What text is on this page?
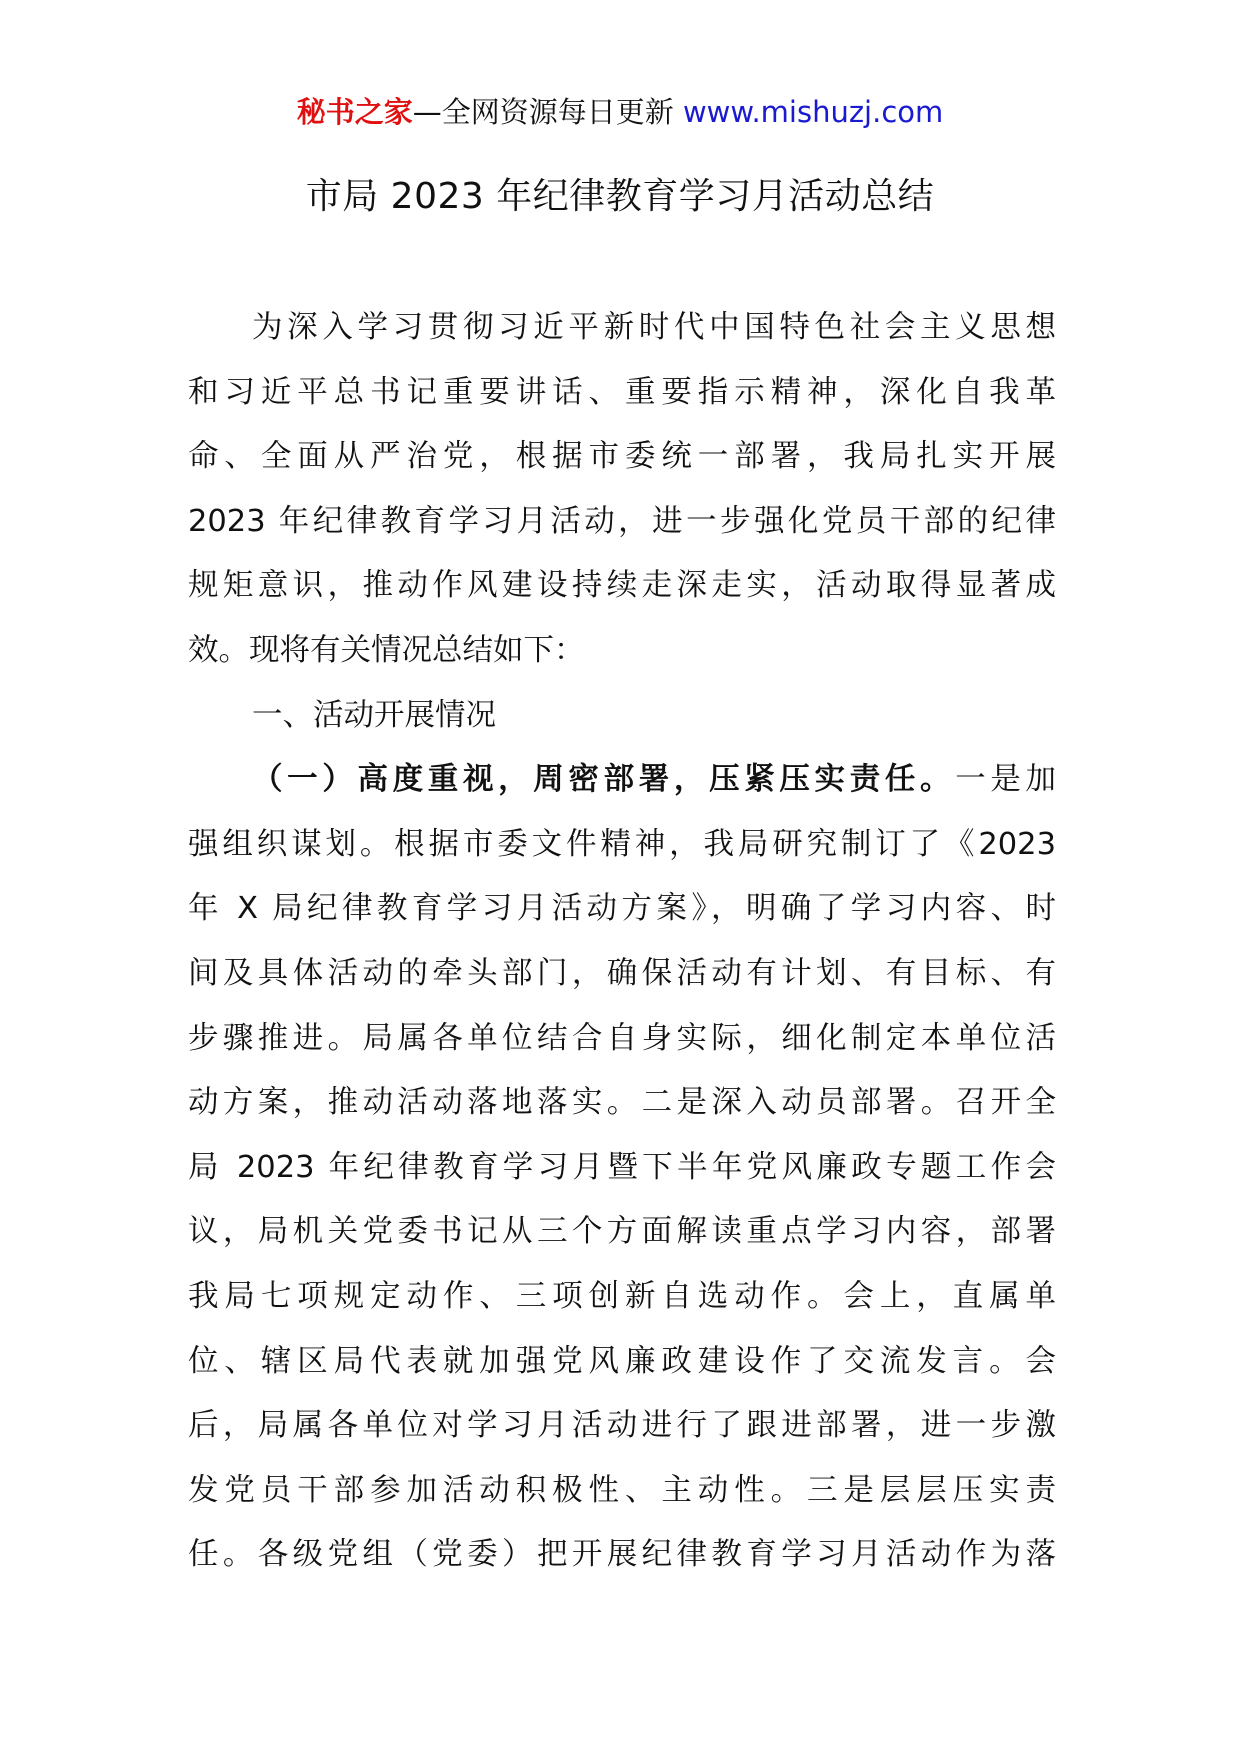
秘书之家—全网资源每日更新 www.mishuzj.com
市局 2023 年纪律教育学习月活动总结
为深入学习贯彻习近平新时代中国特色社会主义思想
和习近平总书记重要讲话、重要指示精神，深化自我革
命、全面从严治党，根据市委统一部署，我局扎实开展
2023 年纪律教育学习月活动，进一步强化党员干部的纪律
规矩意识，推动作风建设持续走深走实，活动取得显著成
效。现将有关情况总结如下：
一、活动开展情况
（一）高度重视，周密部署，压紧压实责任。一是加
强组织谋划。根据市委文件精神，我局研究制订了《2023
年 X 局纪律教育学习月活动方案》，明确了学习内容、时
间及具体活动的牵头部门，确保活动有计划、有目标、有
步骤推进。局属各单位结合自身实际，细化制定本单位活
动方案，推动活动落地落实。二是深入动员部署。召开全
局 2023 年纪律教育学习月暨下半年党风廉政专题工作会
议，局机关党委书记从三个方面解读重点学习内容，部署
我局七项规定动作、三项创新自选动作。会上，直属单
位、辖区局代表就加强党风廉政建设作了交流发言。会
后，局属各单位对学习月活动进行了跟进部署，进一步激
发党员干部参加活动积极性、主动性。三是层层压实责
任。各级党组（党委）把开展纪律教育学习月活动作为落
